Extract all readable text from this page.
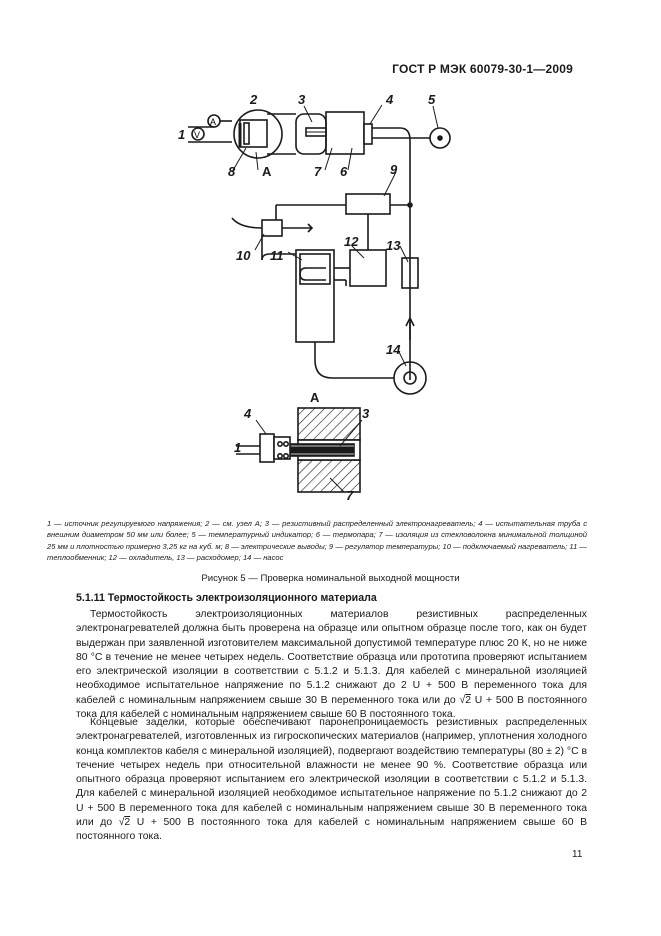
ГОСТ Р МЭК 60079-30-1—2009
1
2	3	4	5
6
7
8	9
10 11
12 13
14
A
V
A
A
1
3
4
7
1 — источник регулируемого напряжения; 2 — см. узел А; 3 — резистивный распределенный электронагреватель; 4 — испытательная труба с внешним диаметром 50 мм или более; 5 — температурный индикатор; 6 — термопара; 7 — изоляция из стекловолокна минимальной толщиной 25 мм и плотностью примерно 3,25 кг на куб. м; 8 — электрические выводы; 9 — регулятор температуры; 10 — подключаемый нагреватель; 11 — теплообменник; 12 — охладитель, 13 — расходомер; 14 — насос
Рисунок 5 — Проверка номинальной выходной мощности
5.1.11 Термостойкость электроизоляционного материала

Термостойкость электроизоляционных материалов резистивных распределенных электронагревателей должна быть проверена на образце или опытном образце после того, как он будет выдержан при заявленной изготовителем максимальной допустимой температуре плюс 20 К, но не ниже 80 °С в течение не менее четырех недель. Соответствие образца или прототипа проверяют испытанием его электрической изоляции в соответствии с 5.1.2 и 5.1.3. Для кабелей с минеральной изоляцией необходимое испытательное напряжение по 5.1.2 снижают до 2 U + 500 В переменного тока для кабелей с номинальным напряжением свыше 30 В переменного тока или до √2 U + 500 В постоянного тока для кабелей с номинальным напряжением свыше 60 В постоянного тока.

Концевые заделки, которые обеспечивают паронепроницаемость резистивных распределенных электронагревателей, изготовленных из гигроскопических материалов (например, уплотнения холодного конца комплектов кабеля с минеральной изоляцией), подвергают воздействию температуры (80 ± 2) °С в течение четырех недель при относительной влажности не менее 90 %. Соответствие образца или опытного образца проверяют испытанием его электрической изоляции в соответствии с 5.1.2 и 5.1.3. Для кабелей с минеральной изоляцией необходимое испытательное напряжение по 5.1.2 снижают до 2 U + 500 В переменного тока для кабелей с номинальным напряжением свыше 30 В переменного тока или до √2 U + 500 В постоянного тока для кабелей с номинальным напряжением свыше 60 В постоянного тока.

11
